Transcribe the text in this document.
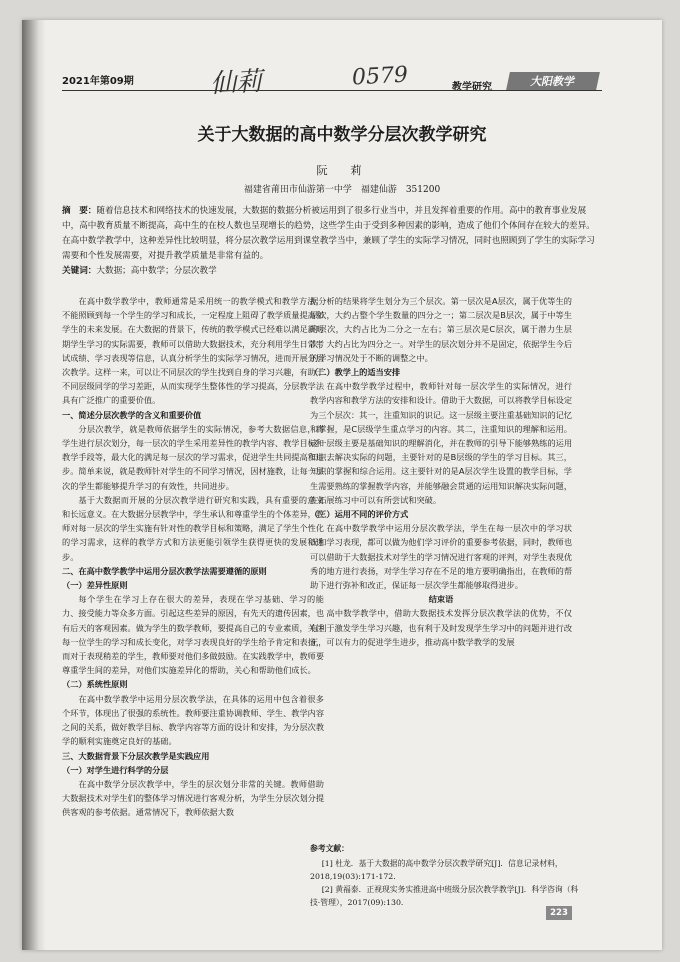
2021年第09期	仙莉	0579	教学研究	大阳教学
关于大数据的高中数学分层次教学研究
阮　莉
福建省莆田市仙游第一中学　福建仙游　351200
摘　要：随着信息技术和网络技术的快速发展，大数据的数据分析被运用到了很多行业当中，并且发挥着重要的作用。高中的教育事业发展中，高中教育质量不断提高，高中生的在校人数也呈现增长的趋势，这些学生由于受到多种因素的影响，造成了他们个体间存在较大的差异。在高中数学教学中，这种差异性比较明显，将分层次教学运用到课堂教学当中，兼顾了学生的实际学习情况，同时也照顾到了学生的实际学习需要和个性发展需要，对提升教学质量是非常有益的。
关键词：大数据；高中数学；分层次教学

在高中数学教学中，教师通常是采用统一的教学模式和教学方法，不能照顾到每一个学生的学习和成长，一定程度上阻碍了教学质量提高和学生的未来发展。在大数据的背景下，传统的教学模式已经难以满足新时期学生学习的实际需要，教师可以借助大数据技术，充分利用学生日常考试成绩、学习表现等信息，认真分析学生的实际学习情况，进而开展分层次教学。这样一来，可以让不同层次的学生找到自身的学习兴趣，有助于不同层级同学的学习差距，从而实现学生整体性的学习提高，分层教学法具有广泛推广的重要价值。

一、简述分层次教学的含义和重要价值

分层次教学，就是教师依据学生的实际情况，参考大数据信息，将学生进行层次划分，每一层次的学生采用差异性的教学内容、教学目标和教学手段等，最大化的满足每一层次的学习需求，促进学生共同提高和进步。简单来说，就是教师针对学生的不同学习情况，因材施教，让每一层次的学生都能够提升学习的有效性，共同进步。

基于大数据而开展的分层次教学进行研究和实践，具有重要的意义和长远意义。在大数据分层教学中，学生承认和尊重学生的个体差异，教师对每一层次的学生实施有针对性的教学目标和策略，满足了学生个性化的学习需求，这样的教学方式和方法更能引领学生获得更快的发展和进步。

二、在高中数学教学中运用分层次教学法需要遵循的原则

（一）差异性原则

每个学生在学习上存在很大的差异，表现在学习基础、学习的能力、接受能力等众多方面。引起这些差异的原因，有先天的遗传因素，也有后天的客观因素。做为学生的数学教师，要提高自己的专业素质，关注每一位学生的学习和成长变化，对学习表现良好的学生给予肯定和表扬，而对于表现稍差的学生，教师要对他们多做鼓励。在实践教学中，教师要尊重学生间的差异，对他们实施差异化的帮助，关心和帮助他们成长。

（二）系统性原则

在高中数学教学中运用分层次教学法，在具体的运用中包含着很多个环节，体现出了很强的系统性。教师要注重协调教师、学生、教学内容之间的关系，做好教学目标、教学内容等方面的设计和安排，为分层次教学的顺利实施奠定良好的基础。

三、大数据背景下分层次教学是实践应用

（一）对学生进行科学的分层

在高中数学分层次教学中，学生的层次划分非常的关键。教师借助大数据技术对学生们的整体学习情况进行客观分析，为学生分层次划分提供客观的参考依据。通常情况下，教师依据大数

据分析的结果将学生划分为三个层次。第一层次是A层次，属于优等生的层次，大约占整个学生数量的四分之一；第二层次是B层次，属于中等生的层次，大约占比为二分之一左右；第三层次是C层次，属于潜力生层次，大约占比为四分之一。对学生的层次划分并不是固定，依据学生今后的学习情况处于不断的调整之中。

（二）教学上的适当安排

在高中数学教学过程中，教师针对每一层次学生的实际情况，进行教学内容和教学方法的安排和设计。借助于大数据，可以将教学目标设定为三个层次：其一，注重知识的识记。这一层级主要注重基础知识的记忆和掌握，是C层级学生重点学习的内容。其二，注重知识的理解和运用。这一层级主要是基础知识的理解消化，并在教师的引导下能够熟练的运用知识去解决实际的问题，主要针对的是B层级的学生的学习目标。其三，知识的掌握和综合运用。这主要针对的是A层次学生设置的教学目标，学生需要熟练的掌握教学内容，并能够融会贯通的运用知识解决实际问题，在拓展练习中可以有所尝试和突破。

（三）运用不同的评价方式

在高中数学教学中运用分层次教学法，学生在每一层次中的学习状况和学习表现，都可以做为他们学习评价的重要参考依据，同时，教师也可以借助于大数据技术对学生的学习情况进行客观的评判，对学生表现优秀的地方进行表扬，对学生学习存在不足的地方要明确指出，在教师的帮助下进行弥补和改正，保证每一层次学生都能够取得进步。

结束语

高中数学教学中，借助大数据技术发挥分层次教学法的优势，不仅有利于激发学生学习兴趣，也有利于及时发现学生学习中的问题并进行改正，可以有力的促进学生进步，推动高中数学教学的发展

参考文献：

[1] 杜龙．基于大数据的高中数学分层次教学研究[J]．信息记录材料，2018,19(03):171-172.

[2] 黄福泰．正视现实务实推进高中班级分层次教学教学[J]．科学咨询（科技·管理），2017(09):130.

223
